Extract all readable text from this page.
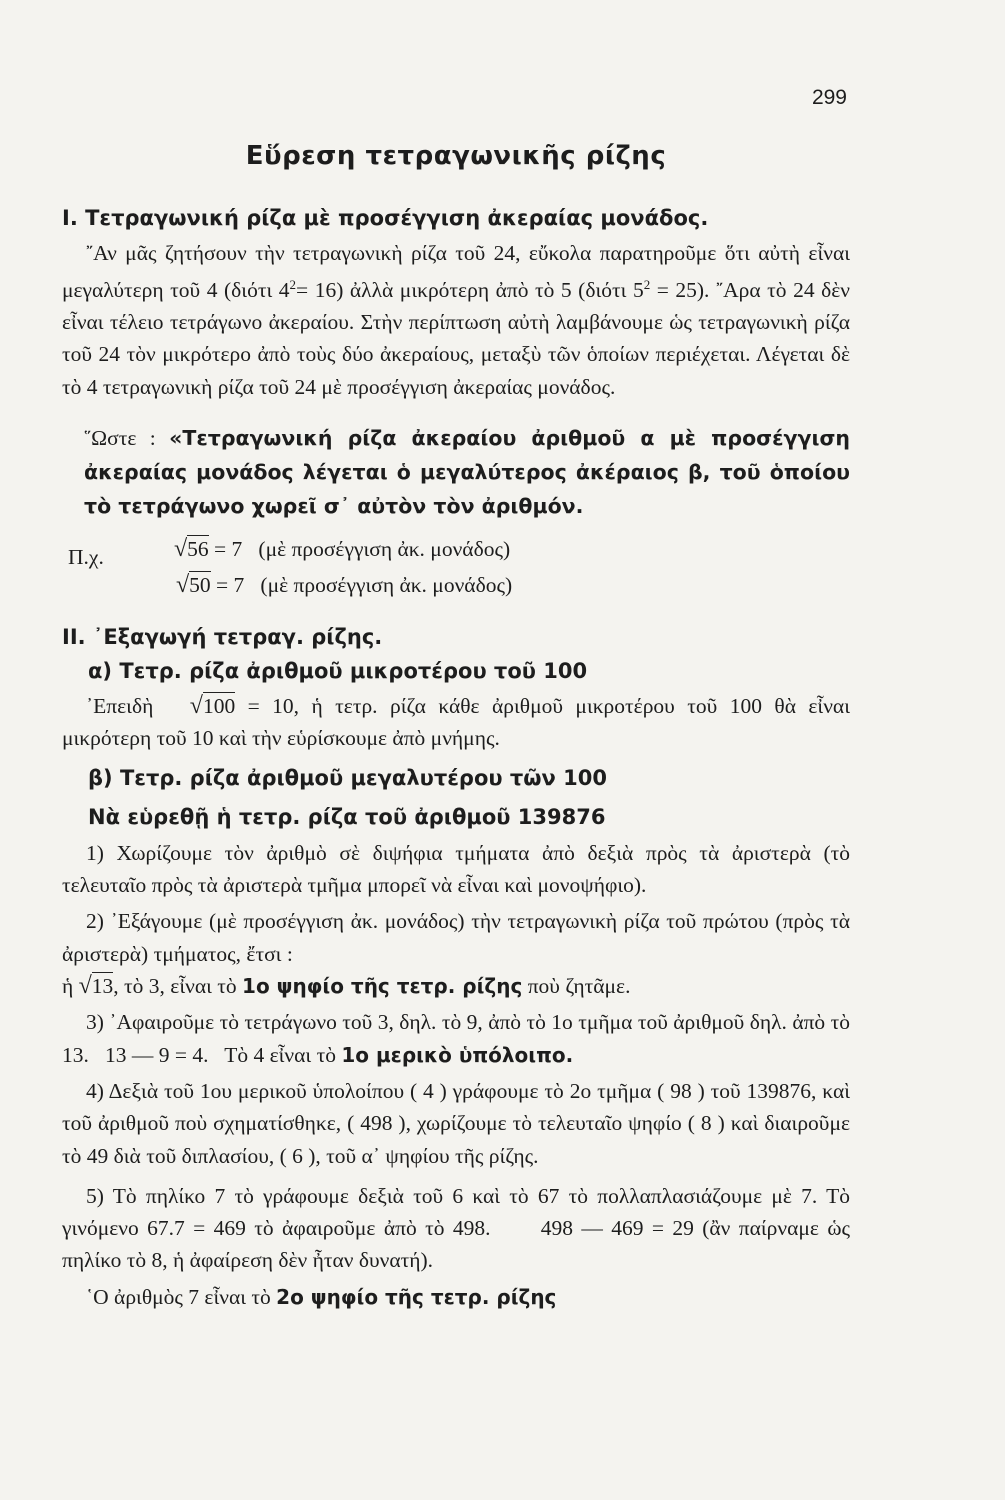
299
Εὕρεση τετραγωνικῆς ρίζης
I. Τετραγωνική ρίζα μὲ προσέγγιση ἀκεραίας μονάδος.

῎Αν μᾶς ζητήσουν τὴν τετραγωνικὴ ρίζα τοῦ 24, εὔκολα παρατηροῦμε ὅτι αὐτὴ εἶναι μεγαλύτερη τοῦ 4 (διότι $4^2= 16$) ἀλλὰ μικρότερη ἀπὸ τὸ 5 (διότι $5^2 = 25$). ῎Αρα τὸ 24 δὲν εἶναι τέλειο τετράγωνο ἀκεραίου. Στὴν περίπτωση αὐτὴ λαμβάνουμε ὡς τετραγωνικὴ ρίζα τοῦ 24 τὸν μικρότερο ἀπὸ τοὺς δύο ἀκεραίους, μεταξὺ τῶν ὁποίων περιέχεται. Λέγεται δὲ τὸ 4 τετραγωνικὴ ρίζα τοῦ 24 μὲ προσέγγιση ἀκεραίας μονάδος.

῞Ωστε : «Τετραγωνική ρίζα ἀκεραίου ἀριθμοῦ α μὲ προσέγγιση ἀκεραίας μονάδος λέγεται ὁ μεγαλύτερος ἀκέραιος β, τοῦ ὁποίου τὸ τετράγωνο χωρεῖ σ᾽ αὐτὸν τὸν ἀριθμόν.

Π.χ.	√56 = 7   (μὲ προσέγγιση ἀκ. μονάδος)
√50 = 7   (μὲ προσέγγιση ἀκ. μονάδος)
II. ᾿Εξαγωγή τετραγ. ρίζης.
α) Τετρ. ρίζα ἀριθμοῦ μικροτέρου τοῦ 100

᾿Επειδὴ √100 = 10, ἡ τετρ. ρίζα κάθε ἀριθμοῦ μικροτέρου τοῦ 100 θὰ εἶναι μικρότερη τοῦ 10 καὶ τὴν εὑρίσκουμε ἀπὸ μνήμης.

β) Τετρ. ρίζα ἀριθμοῦ μεγαλυτέρου τῶν 100
Νὰ εὑρεθῇ ἡ τετρ. ρίζα τοῦ ἀριθμοῦ 139876

1) Χωρίζουμε τὸν ἀριθμὸ σὲ διψήφια τμήματα ἀπὸ δεξιὰ πρὸς τὰ ἀριστερὰ (τὸ τελευταῖο πρὸς τὰ ἀριστερὰ τμῆμα μπορεῖ νὰ εἶναι καὶ μονοψήφιο).

2) ᾿Εξάγουμε (μὲ προσέγγιση ἀκ. μονάδος) τὴν τετραγωνικὴ ρίζα τοῦ πρώτου (πρὸς τὰ ἀριστερὰ) τμήματος, ἔτσι :

ἡ √13, τὸ 3, εἶναι τὸ 1ο ψηφίο τῆς τετρ. ρίζης ποὺ ζητᾶμε.

3) ᾿Αφαιροῦμε τὸ τετράγωνο τοῦ 3, δηλ. τὸ 9, ἀπὸ τὸ 1ο τμῆμα τοῦ ἀριθμοῦ δηλ. ἀπὸ τὸ 13.   13 — 9 = 4.   Τὸ 4 εἶναι τὸ 1ο μερικὸ ὑπόλοιπο.

4) Δεξιὰ τοῦ 1ου μερικοῦ ὑπολοίπου ( 4 ) γράφουμε τὸ 2ο τμῆμα ( 98 ) τοῦ 139876, καὶ τοῦ ἀριθμοῦ ποὺ σχηματίσθηκε, ( 498 ), χωρίζουμε τὸ τελευταῖο ψηφίο ( 8 ) καὶ διαιροῦμε τὸ 49 διὰ τοῦ διπλασίου, ( 6 ), τοῦ α᾽ ψηφίου τῆς ρίζης.

5) Τὸ πηλίκο 7 τὸ γράφουμε δεξιὰ τοῦ 6 καὶ τὸ 67 τὸ πολλαπλασιάζουμε μὲ 7. Τὸ γινόμενο 67.7 = 469 τὸ ἀφαιροῦμε ἀπὸ τὸ 498.      498 — 469 = 29 (ἂν παίρναμε ὡς πηλίκο τὸ 8, ἡ ἀφαίρεση δὲν ἦταν δυνατή).

῾Ο ἀριθμὸς 7 εἶναι τὸ 2ο ψηφίο τῆς τετρ. ρίζης
